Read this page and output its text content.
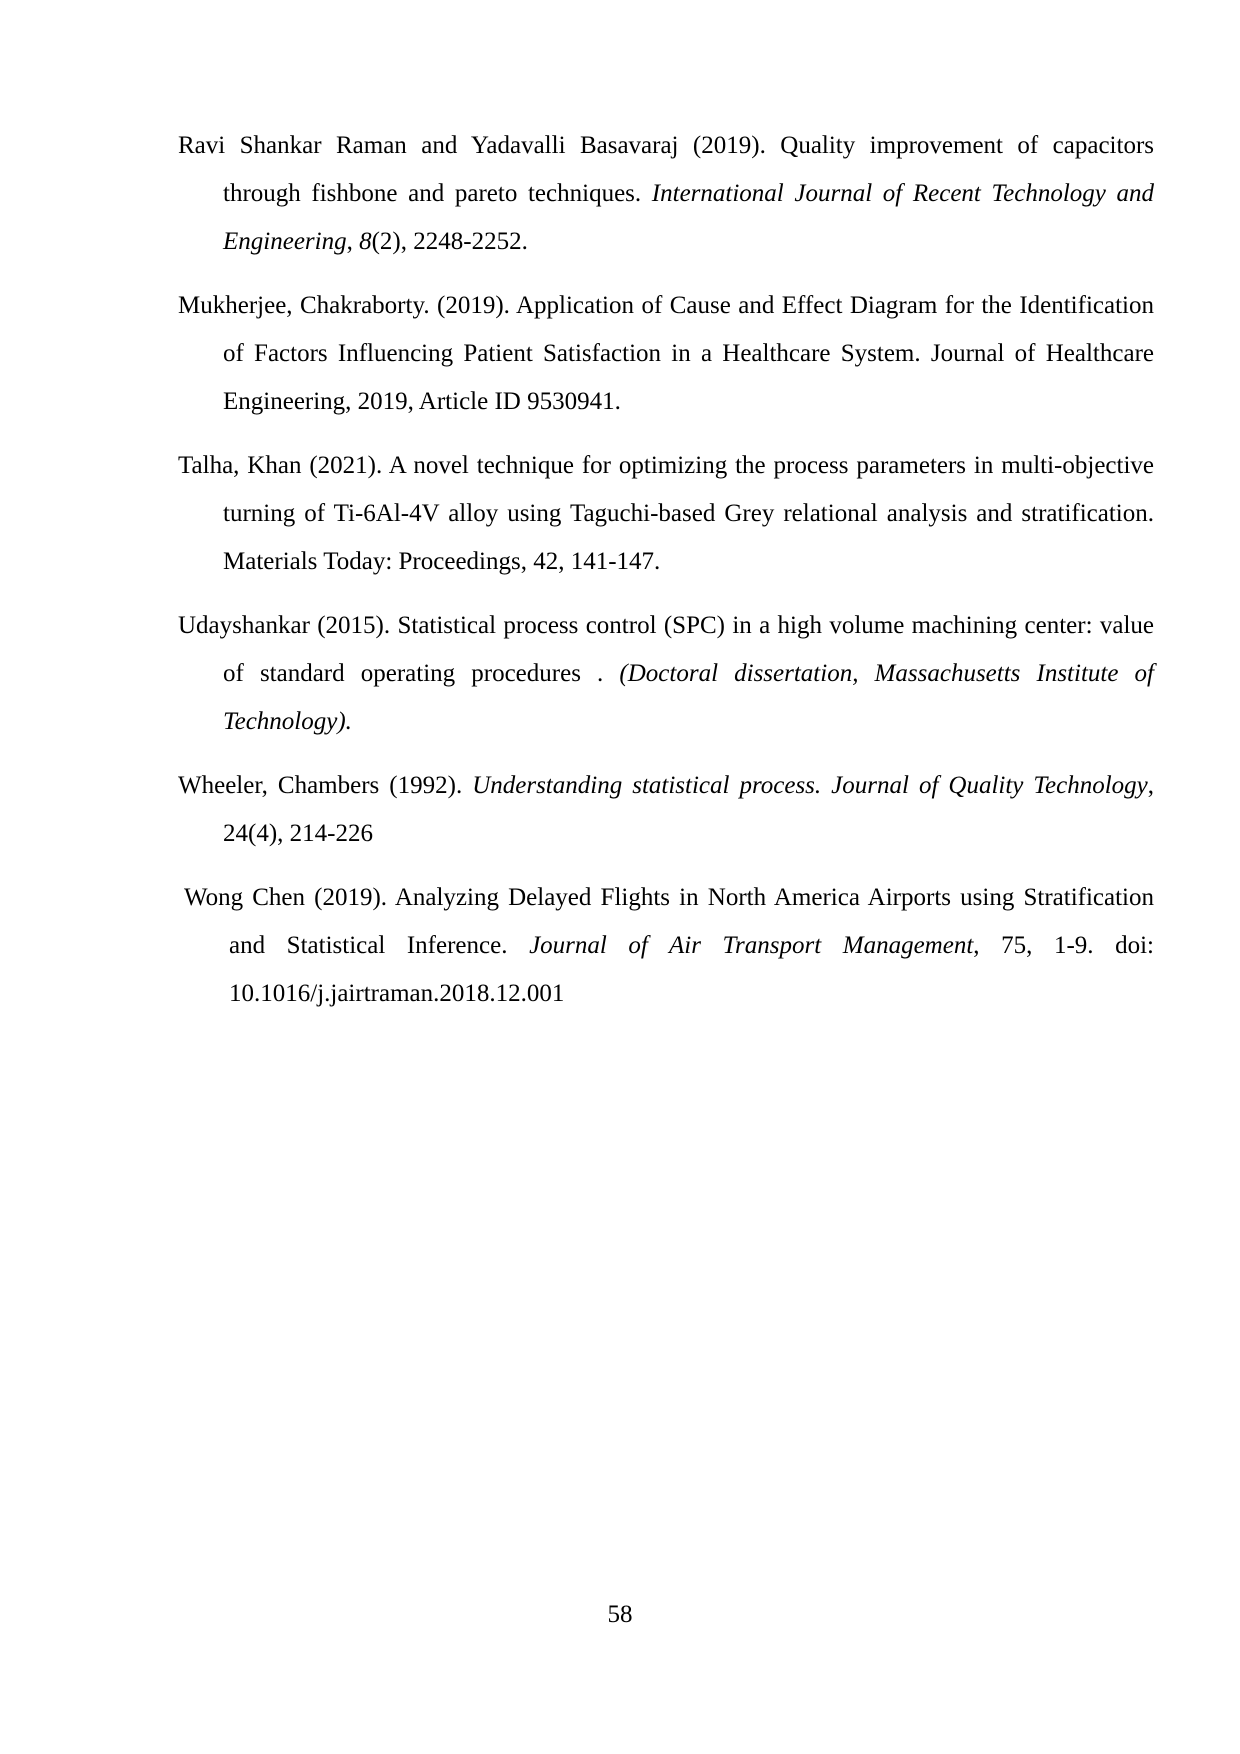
Ravi Shankar Raman and Yadavalli Basavaraj (2019). Quality improvement of capacitors through fishbone and pareto techniques. International Journal of Recent Technology and Engineering, 8(2), 2248-2252.

Mukherjee, Chakraborty. (2019). Application of Cause and Effect Diagram for the Identification of Factors Influencing Patient Satisfaction in a Healthcare System. Journal of Healthcare Engineering, 2019, Article ID 9530941.

Talha, Khan (2021). A novel technique for optimizing the process parameters in multi-objective turning of Ti-6Al-4V alloy using Taguchi-based Grey relational analysis and stratification. Materials Today: Proceedings, 42, 141-147.

Udayshankar (2015). Statistical process control (SPC) in a high volume machining center: value of standard operating procedures . (Doctoral dissertation, Massachusetts Institute of Technology).

Wheeler, Chambers (1992). Understanding statistical process. Journal of Quality Technology, 24(4), 214-226

Wong Chen (2019). Analyzing Delayed Flights in North America Airports using Stratification and Statistical Inference. Journal of Air Transport Management, 75, 1-9. doi: 10.1016/j.jairtraman.2018.12.001

58
